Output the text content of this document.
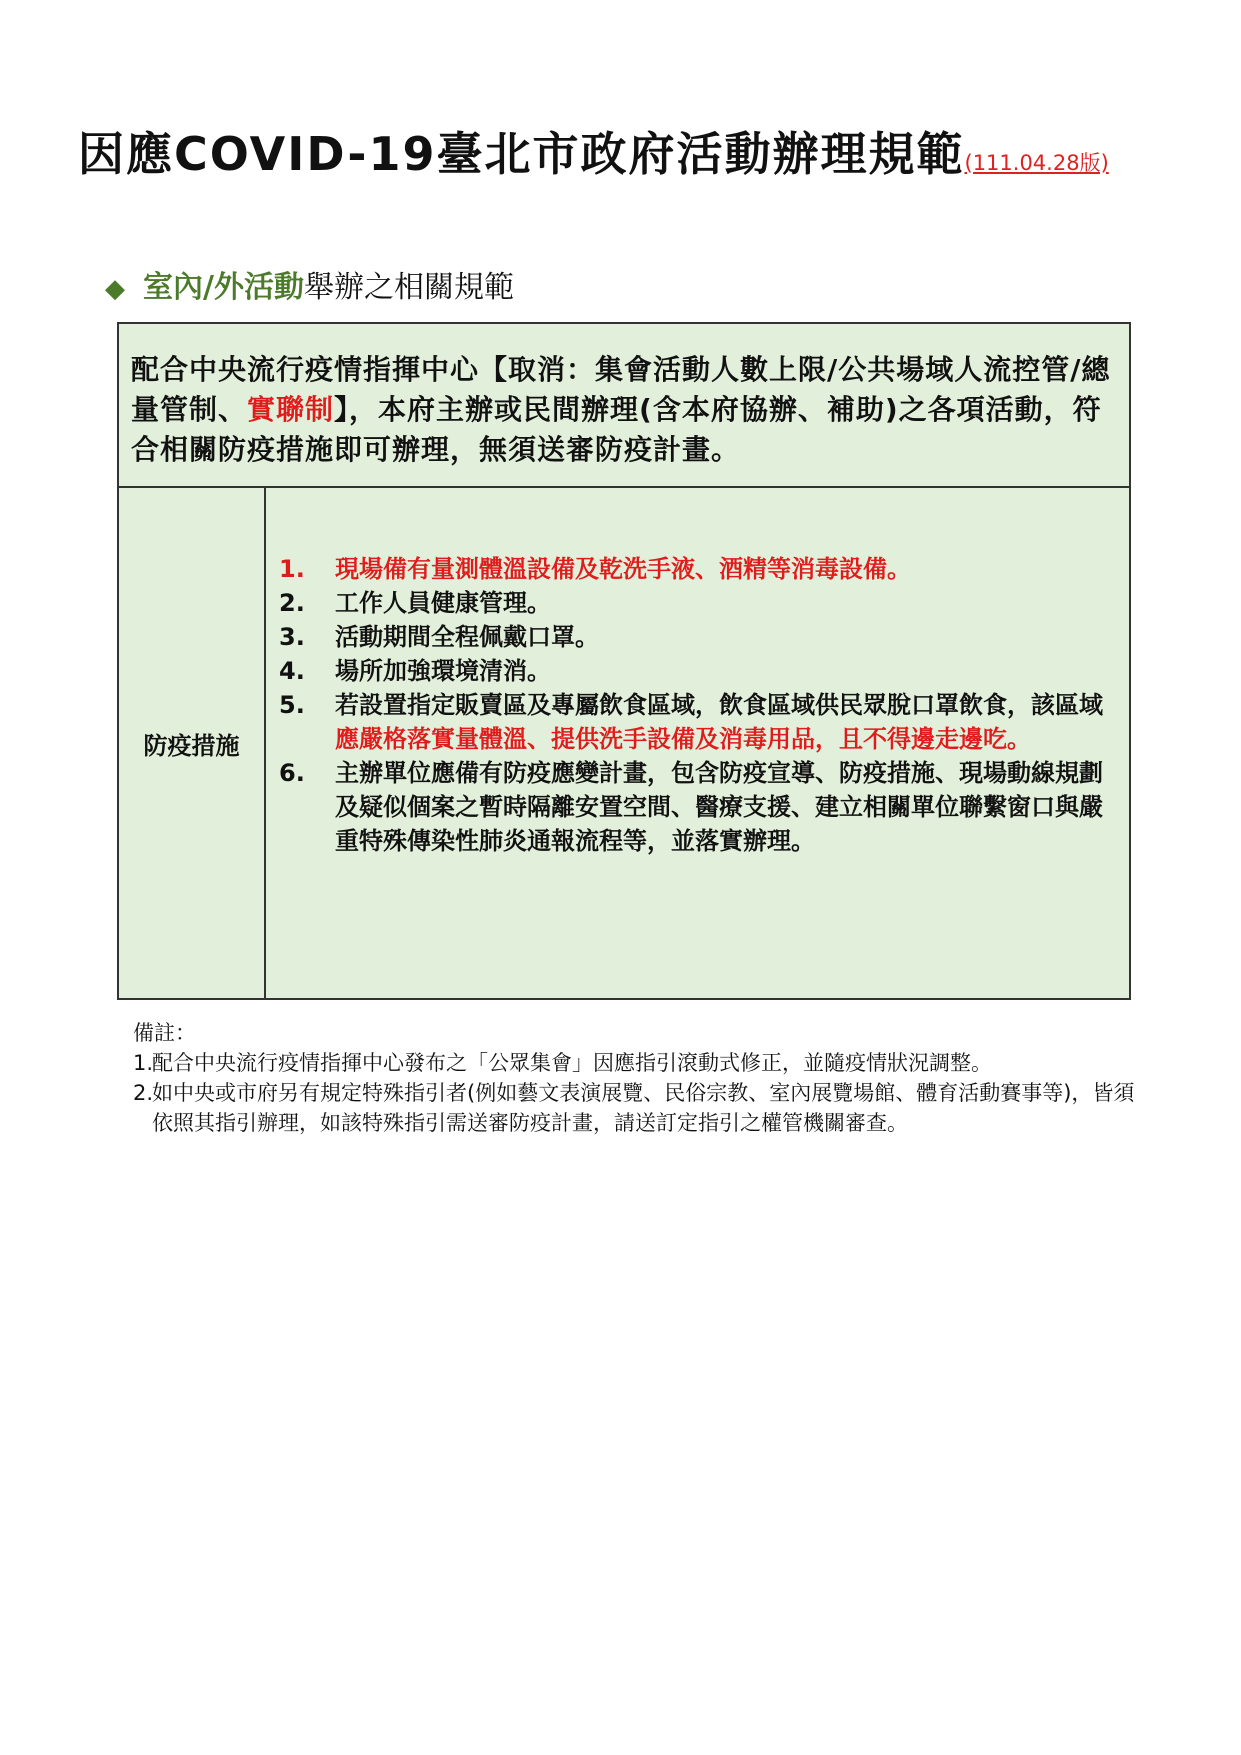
因應COVID-19臺北市政府活動辦理規範(111.04.28版)
◆ 室內/外活動舉辦之相關規範
配合中央流行疫情指揮中心【取消：集會活動人數上限/公共場域人流控管/總量管制、實聯制】，本府主辦或民間辦理(含本府協辦、補助)之各項活動，符合相關防疫措施即可辦理，無須送審防疫計畫。
防疫措施
1.	現場備有量測體溫設備及乾洗手液、酒精等消毒設備。
2.	工作人員健康管理。
3.	活動期間全程佩戴口罩。
4.	場所加強環境清消。
5.	若設置指定販賣區及專屬飲食區域，飲食區域供民眾脫口罩飲食，該區域應嚴格落實量體溫、提供洗手設備及消毒用品，且不得邊走邊吃。
6.	主辦單位應備有防疫應變計畫，包含防疫宣導、防疫措施、現場動線規劃及疑似個案之暫時隔離安置空間、醫療支援、建立相關單位聯繫窗口與嚴重特殊傳染性肺炎通報流程等，並落實辦理。
備註：
1.
配合中央流行疫情指揮中心發布之「公眾集會」因應指引滾動式修正，並隨疫情狀況調整。
2.
如中央或市府另有規定特殊指引者(例如藝文表演展覽、民俗宗教、室內展覽場館、體育活動賽事等)，皆須依照其指引辦理，如該特殊指引需送審防疫計畫，請送訂定指引之權管機關審查。
